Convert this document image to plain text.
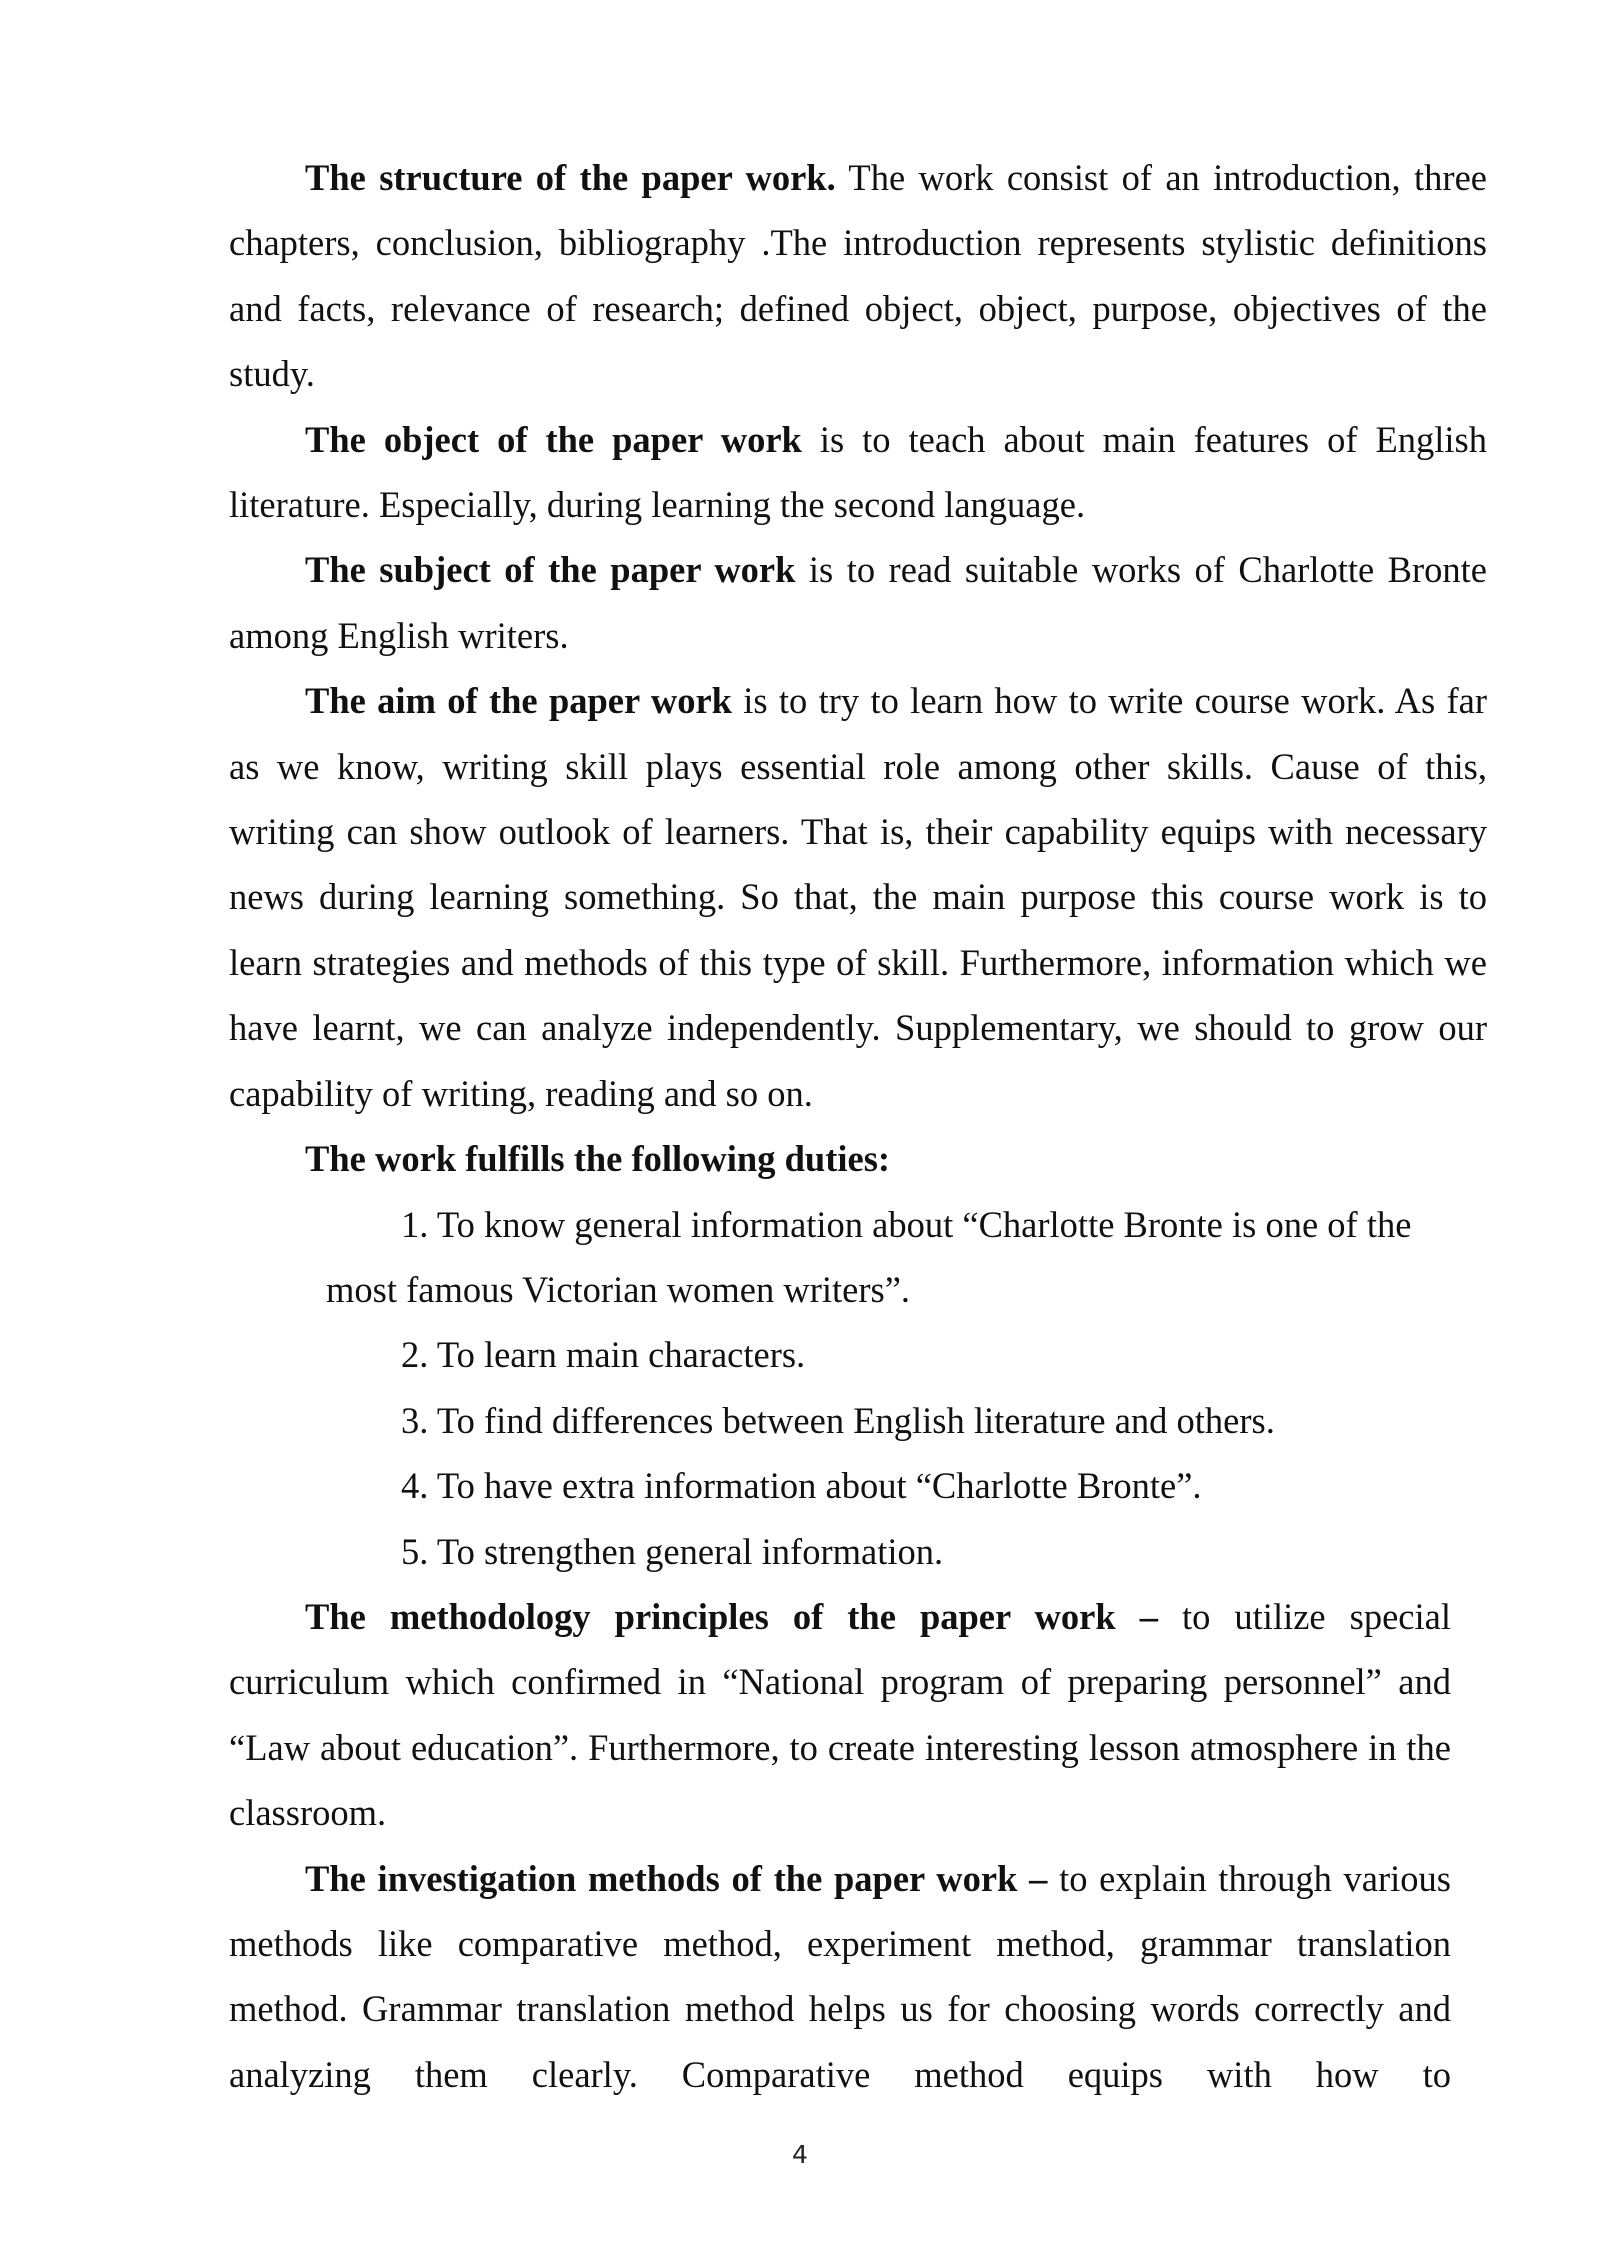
The structure of the paper work. The work consist of an introduction, three chapters, conclusion, bibliography .The introduction represents stylistic definitions and facts, relevance of research; defined object, object, purpose, objectives of the study.

The object of the paper work is to teach about main features of English literature. Especially, during learning the second language.

The subject of the paper work is to read suitable works of Charlotte Bronte among English writers.

The aim of the paper work is to try to learn how to write course work. As far as we know, writing skill plays essential role among other skills. Cause of this, writing can show outlook of learners. That is, their capability equips with necessary news during learning something. So that, the main purpose this course work is to learn strategies and methods of this type of skill. Furthermore, information which we have learnt, we can analyze independently. Supplementary, we should to grow our capability of writing, reading and so on.

The work fulfills the following duties:

1. To know general information about “Charlotte Bronte is one of the
most famous Victorian women writers”.
2. To learn main characters.
3. To find differences between English literature and others.
4. To have extra information about “Charlotte Bronte”.
5. To strengthen general information.

The methodology principles of the paper work – to utilize special curriculum which confirmed in “National program of preparing personnel” and “Law about education”. Furthermore, to create interesting lesson atmosphere in the classroom.

The investigation methods of the paper work – to explain through various methods like comparative method, experiment method, grammar translation method. Grammar translation method helps us for choosing words correctly and analyzing them clearly. Comparative method equips with how to

4
